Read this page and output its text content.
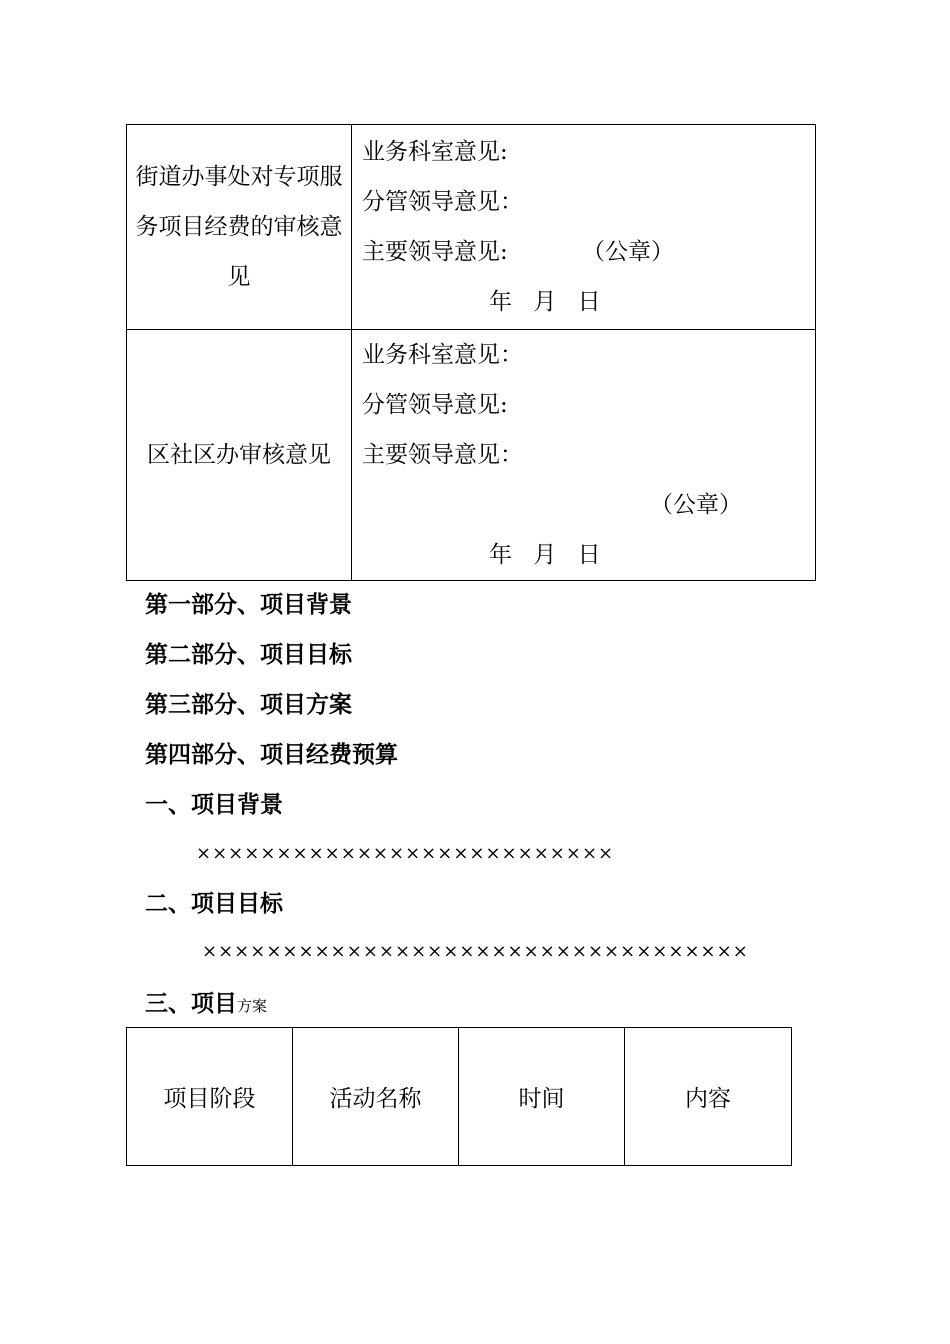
街道办事处对专项服务项目经费的审核意见	业务科室意见:
分管领导意见：
主要领导意见: （公章）
年 月 日

区社区办审核意见	业务科室意见：
分管领导意见:
主要领导意见：
（公章）
年 月 日
第一部分、项目背景
第二部分、项目目标
第三部分、项目方案
第四部分、项目经费预算
一、项目背景
××××××××××××××××××××××××××
二、项目目标
××××××××××××××××××××××××××××××××××
三、项目方案
项目阶段	活动名称	时间	内容
